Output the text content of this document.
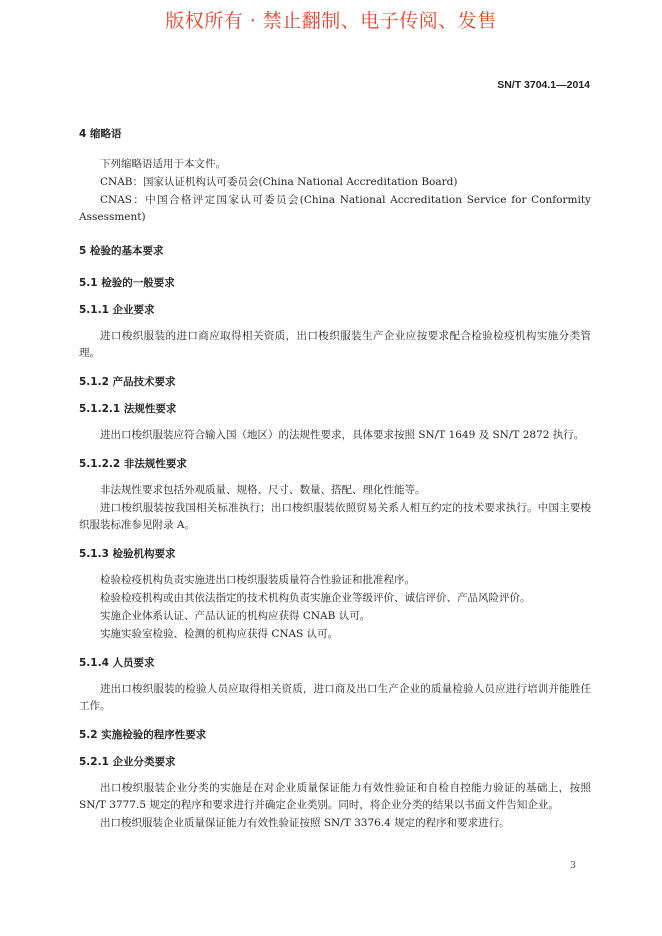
版权所有 · 禁止翻制、电子传阅、发售
SN/T 3704.1—2014

4 缩略语

下列缩略语适用于本文件。

CNAB：国家认证机构认可委员会(China National Accreditation Board)

CNAS：中国合格评定国家认可委员会(China National Accreditation Service for Conformity Assessment)

5 检验的基本要求

5.1 检验的一般要求

5.1.1 企业要求

进口梭织服装的进口商应取得相关资质，出口梭织服装生产企业应按要求配合检验检疫机构实施分类管理。

5.1.2 产品技术要求

5.1.2.1 法规性要求

进出口梭织服装应符合输入国（地区）的法规性要求，具体要求按照 SN/T 1649 及 SN/T 2872 执行。

5.1.2.2 非法规性要求

非法规性要求包括外观质量、规格、尺寸、数量、搭配、理化性能等。

进口梭织服装按我国相关标准执行；出口梭织服装依照贸易关系人相互约定的技术要求执行。中国主要梭织服装标准参见附录 A。

5.1.3 检验机构要求

检验检疫机构负责实施进出口梭织服装质量符合性验证和批准程序。

检验检疫机构或由其依法指定的技术机构负责实施企业等级评价、诚信评价、产品风险评价。

实施企业体系认证、产品认证的机构应获得 CNAB 认可。

实施实验室检验、检测的机构应获得 CNAS 认可。

5.1.4 人员要求

进出口梭织服装的检验人员应取得相关资质，进口商及出口生产企业的质量检验人员应进行培训并能胜任工作。

5.2 实施检验的程序性要求

5.2.1 企业分类要求

出口梭织服装企业分类的实施是在对企业质量保证能力有效性验证和自检自控能力验证的基础上，按照 SN/T 3777.5 规定的程序和要求进行并确定企业类别。同时，将企业分类的结果以书面文件告知企业。

出口梭织服装企业质量保证能力有效性验证按照 SN/T 3376.4 规定的程序和要求进行。

3
